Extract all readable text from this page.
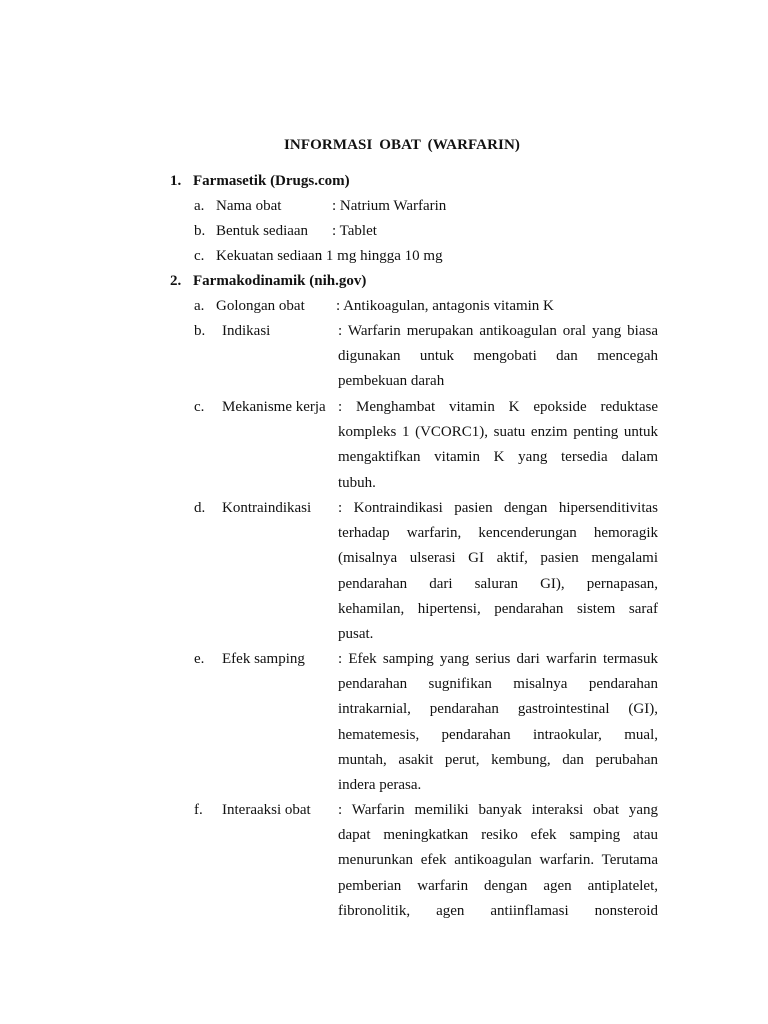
INFORMASI OBAT (WARFARIN)
1. Farmasetik (Drugs.com)
a. Nama obat	: Natrium Warfarin
b. Bentuk sediaan : Tablet
c. Kekuatan sediaan
: 1 mg hingga 10 mg
2. Farmakodinamik (nih.gov)
a. Golongan obat : Antikoagulan, antagonis vitamin K
b. Indikasi	: Warfarin merupakan antikoagulan oral yang biasa
digunakan untuk mengobati dan mencegah
pembekuan darah
c. Mekanisme kerja : Menghambat vitamin K epokside reduktase
kompleks 1 (VCORC1), suatu enzim penting untuk
mengaktifkan vitamin K yang tersedia dalam
tubuh.
d. Kontraindikasi : Kontraindikasi pasien dengan hipersenditivitas
terhadap warfarin, kencenderungan hemoragik
(misalnya ulserasi GI aktif, pasien mengalami
pendarahan dari saluran GI), pernapasan,
kehamilan, hipertensi, pendarahan sistem saraf
pusat.
e. Efek samping : Efek samping yang serius dari warfarin termasuk
pendarahan sugnifikan misalnya pendarahan
intrakarnial, pendarahan gastrointestinal (GI),
hematemesis, pendarahan intraokular, mual,
muntah, asakit perut, kembung, dan perubahan
indera perasa.
f. Interaaksi obat : Warfarin memiliki banyak interaksi obat yang
dapat meningkatkan resiko efek samping atau
menurunkan efek antikoagulan warfarin. Terutama
pemberian warfarin dengan agen antiplatelet,
fibronolitik, agen antiinflamasi nonsteroid
